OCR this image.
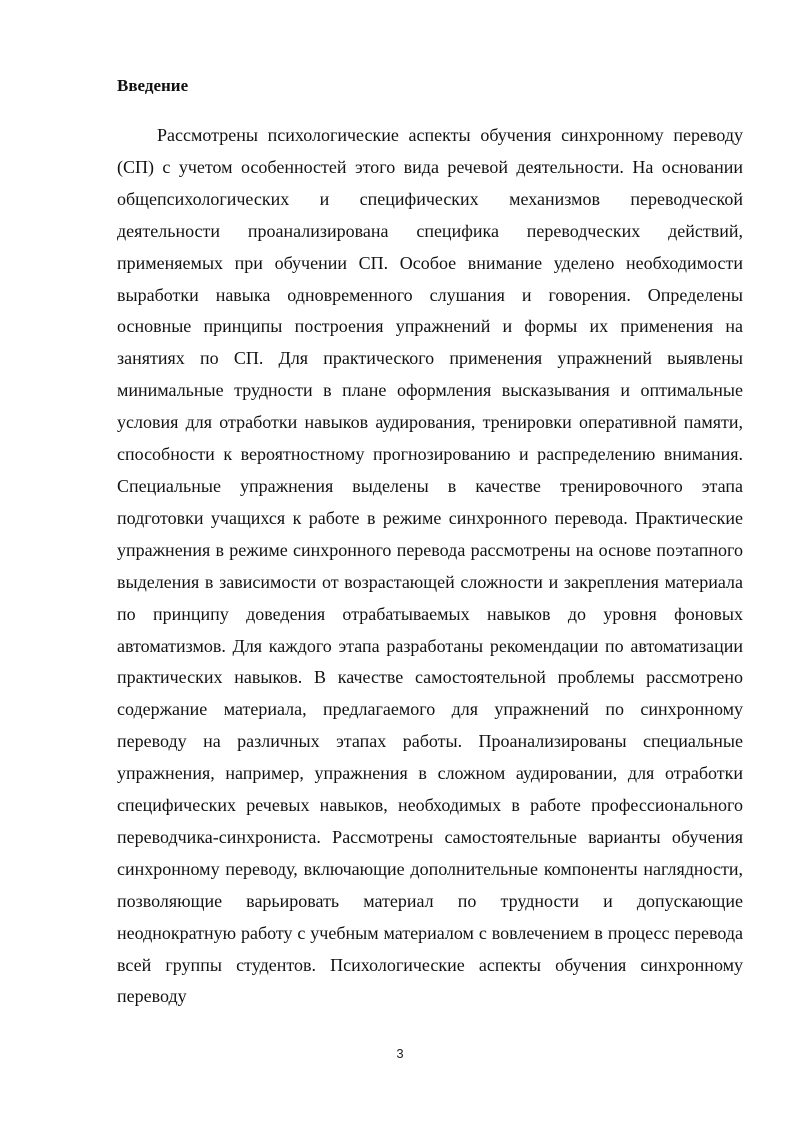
Введение

Рассмотрены психологические аспекты обучения синхронному переводу (СП) с учетом особенностей этого вида речевой деятельности. На основании общепсихологических и специфических механизмов переводческой деятельности проанализирована специфика переводческих действий, применяемых при обучении СП. Особое внимание уделено необходимости выработки навыка одновременного слушания и говорения. Определены основные принципы построения упражнений и формы их применения на занятиях по СП. Для практического применения упражнений выявлены минимальные трудности в плане оформления высказывания и оптимальные условия для отработки навыков аудирования, тренировки оперативной памяти, способности к вероятностному прогнозированию и распределению внимания. Специальные упражнения выделены в качестве тренировочного этапа подготовки учащихся к работе в режиме синхронного перевода. Практические упражнения в режиме синхронного перевода рассмотрены на основе поэтапного выделения в зависимости от возрастающей сложности и закрепления материала по принципу доведения отрабатываемых навыков до уровня фоновых автоматизмов. Для каждого этапа разработаны рекомендации по автоматизации практических навыков. В качестве самостоятельной проблемы рассмотрено содержание материала, предлагаемого для упражнений по синхронному переводу на различных этапах работы. Проанализированы специальные упражнения, например, упражнения в сложном аудировании, для отработки специфических речевых навыков, необходимых в работе профессионального переводчика-синхрониста. Рассмотрены самостоятельные варианты обучения синхронному переводу, включающие дополнительные компоненты наглядности, позволяющие варьировать материал по трудности и допускающие неоднократную работу с учебным материалом с вовлечением в процесс перевода всей группы студентов. Психологические аспекты обучения синхронному переводу

3
